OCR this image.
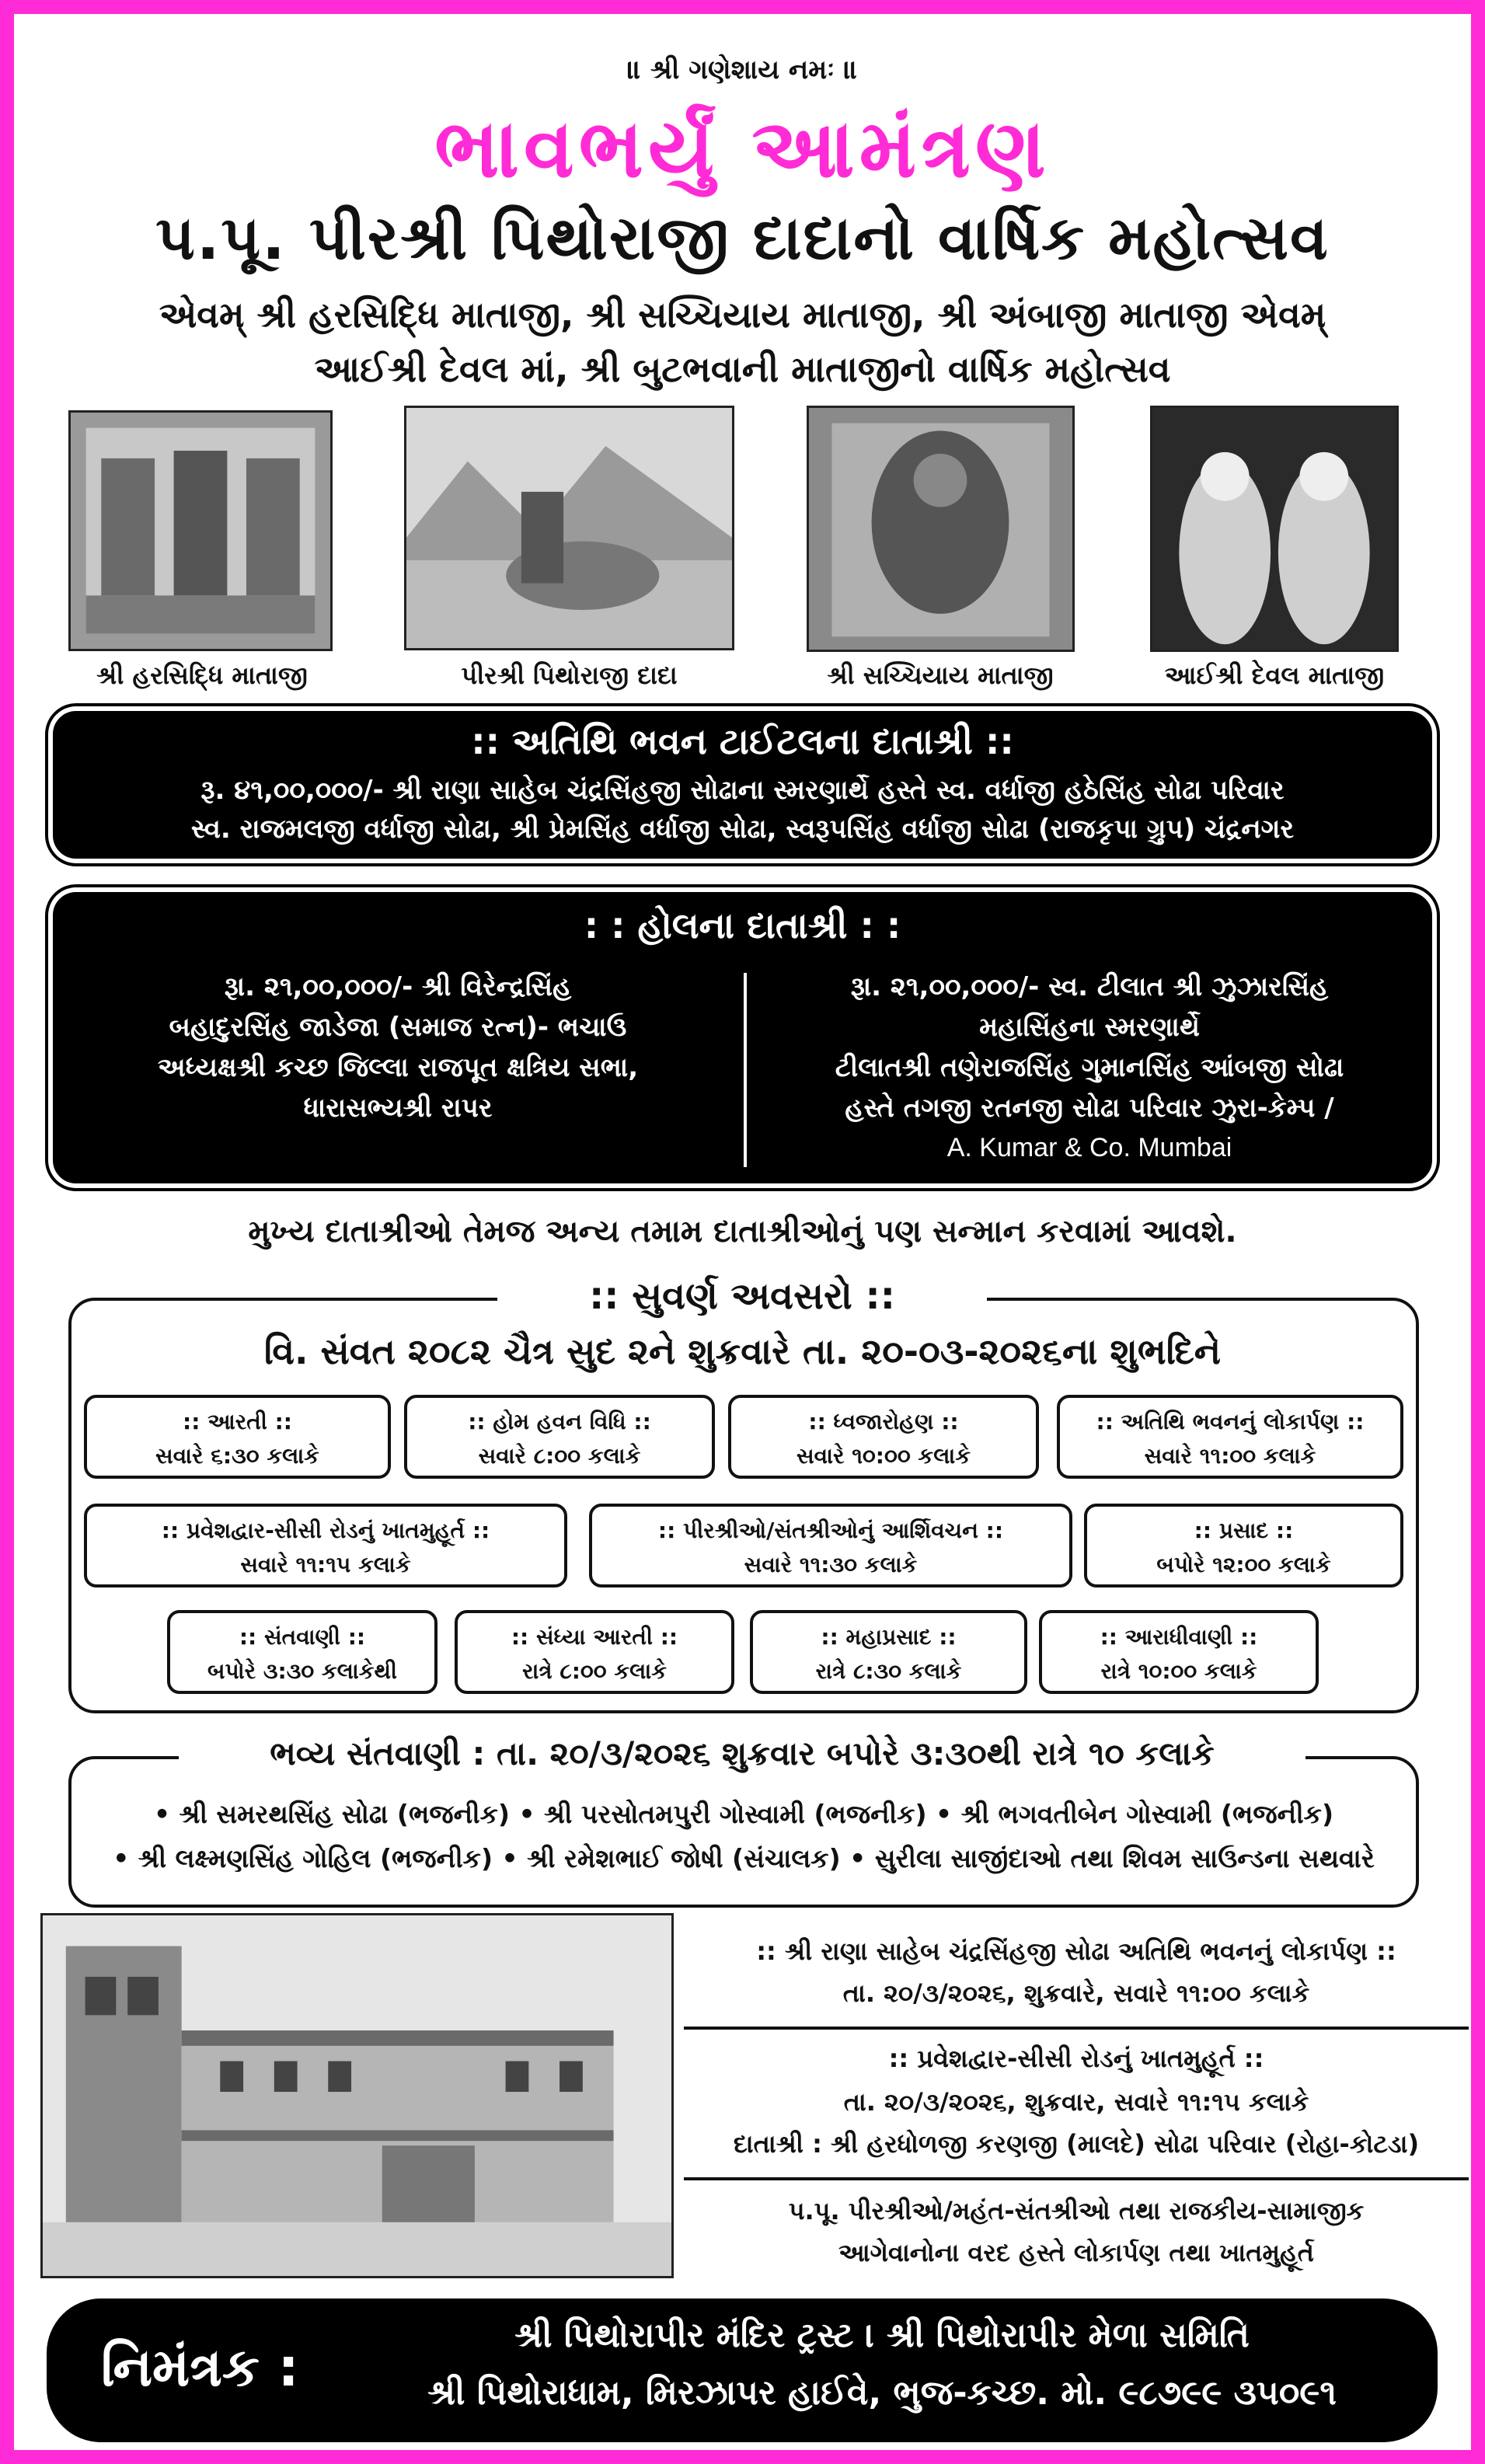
॥ શ્રી ગણેશાય નમઃ ॥
ભાવભર્યું આમંત્રણ
પ.પૂ. પીરશ્રી પિથોરાજી દાદાનો વાર્ષિક મહોત્સવ
એવમ્ શ્રી હરસિદ્ધિ માતાજી, શ્રી સચ્ચિયાય માતાજી, શ્રી અંબાજી માતાજી એવમ્
આઈશ્રી દેવલ માં, શ્રી બુટભવાની માતાજીનો વાર્ષિક મહોત્સવ
શ્રી હરસિદ્ધિ માતાજી	પીરશ્રી પિથોરાજી દાદા	શ્રી સચ્ચિયાય માતાજી	આઈશ્રી દેવલ માતાજી
:: અતિથિ ભવન ટાઈટલના દાતાશ્રી ::
રૂ. ૪૧,૦૦,૦૦૦/- શ્રી રાણા સાહેબ ચંદ્રસિંહજી સોઢાના સ્મરણાર્થે હસ્તે સ્વ. વર્ધાજી હઠેસિંહ સોઢા પરિવાર
સ્વ. રાજમલજી વર્ધાજી સોઢા, શ્રી પ્રેમસિંહ વર્ધાજી સોઢા, સ્વરૂપસિંહ વર્ધાજી સોઢા (રાજકૃપા ગ્રુપ) ચંદ્રનગર
: : હોલના દાતાશ્રી : :
રૂા. ૨૧,૦૦,૦૦૦/- શ્રી વિરેન્દ્રસિંહ
બહાદુરસિંહ જાડેજા (સમાજ રત્ન)- ભચાઉ
અધ્યક્ષશ્રી કચ્છ જિલ્લા રાજપૂત ક્ષત્રિય સભા,
ધારાસભ્યશ્રી રાપર
રૂા. ૨૧,૦૦,૦૦૦/- સ્વ. ટીલાત શ્રી ઝુઝારસિંહ
મહાસિંહના સ્મરણાર્થે
ટીલાતશ્રી તણેરાજસિંહ ગુમાનસિંહ આંબજી સોઢા
હસ્તે તગજી રતનજી સોઢા પરિવાર ઝુરા-કેમ્પ /
A. Kumar & Co. Mumbai
મુખ્ય દાતાશ્રીઓ તેમજ અન્ય તમામ દાતાશ્રીઓનું પણ સન્માન કરવામાં આવશે.
:: સુવર્ણ અવસરો ::
વિ. સંવત ૨૦૮૨ ચૈત્ર સુદ ૨ને શુક્રવારે તા. ૨૦-૦૩-૨૦૨૬ના શુભદિને
:: આરતી ::
સવારે ૬:૩૦ કલાકે
:: હોમ હવન વિધિ ::
સવારે ૮:૦૦ કલાકે
:: ધ્વજારોહણ ::
સવારે ૧૦:૦૦ કલાકે
:: અતિથિ ભવનનું લોકાર્પણ ::
સવારે ૧૧:૦૦ કલાકે
:: પ્રવેશદ્વાર-સીસી રોડનું ખાતમુહૂર્ત ::
સવારે ૧૧:૧૫ કલાકે
:: પીરશ્રીઓ/સંતશ્રીઓનું આર્શિવચન ::
સવારે ૧૧:૩૦ કલાકે
:: પ્રસાદ ::
બપોરે ૧૨:૦૦ કલાકે
:: સંતવાણી ::
બપોરે ૩:૩૦ કલાકેથી
:: સંધ્યા આરતી ::
રાત્રે ૮:૦૦ કલાકે
:: મહાપ્રસાદ ::
રાત્રે ૮:૩૦ કલાકે
:: આરાધીવાણી ::
રાત્રે ૧૦:૦૦ કલાકે
ભવ્ય સંતવાણી : તા. ૨૦/૩/૨૦૨૬ શુક્રવાર બપોરે ૩:૩૦થી રાત્રે ૧૦ કલાકે
• શ્રી સમરથસિંહ સોઢા (ભજનીક) • શ્રી પરસોતમપુરી ગોસ્વામી (ભજનીક) • શ્રી ભગવતીબેન ગોસ્વામી (ભજનીક)
• શ્રી લક્ષ્મણસિંહ ગોહિલ (ભજનીક) • શ્રી રમેશભાઈ જોષી (સંચાલક) • સુરીલા સાજીંદાઓ તથા શિવમ સાઉન્ડના સથવારે
:: શ્રી રાણા સાહેબ ચંદ્રસિંહજી સોઢા અતિથિ ભવનનું લોકાર્પણ ::
તા. ૨૦/૩/૨૦૨૬, શુક્રવારે, સવારે ૧૧:૦૦ કલાકે
:: પ્રવેશદ્વાર-સીસી રોડનું ખાતમુહૂર્ત ::
તા. ૨૦/૩/૨૦૨૬, શુક્રવાર, સવારે ૧૧:૧૫ કલાકે
દાતાશ્રી : શ્રી હરધોળજી કરણજી (માલદે) સોઢા પરિવાર (રોહા-કોટડા)
પ.પૂ. પીરશ્રીઓ/મહંત-સંતશ્રીઓ તથા રાજકીય-સામાજીક
આગેવાનોના વરદ હસ્તે લોકાર્પણ તથા ખાતમુહૂર્ત
નિમંત્રક :
શ્રી પિથોરાપીર મંદિર ટ્રસ્ટ । શ્રી પિથોરાપીર મેળા સમિતિ
શ્રી પિથોરાધામ, મિરઝાપર હાઈવે, ભુજ-કચ્છ. મો. ૯૮૭૯૯ ૩૫૦૯૧
